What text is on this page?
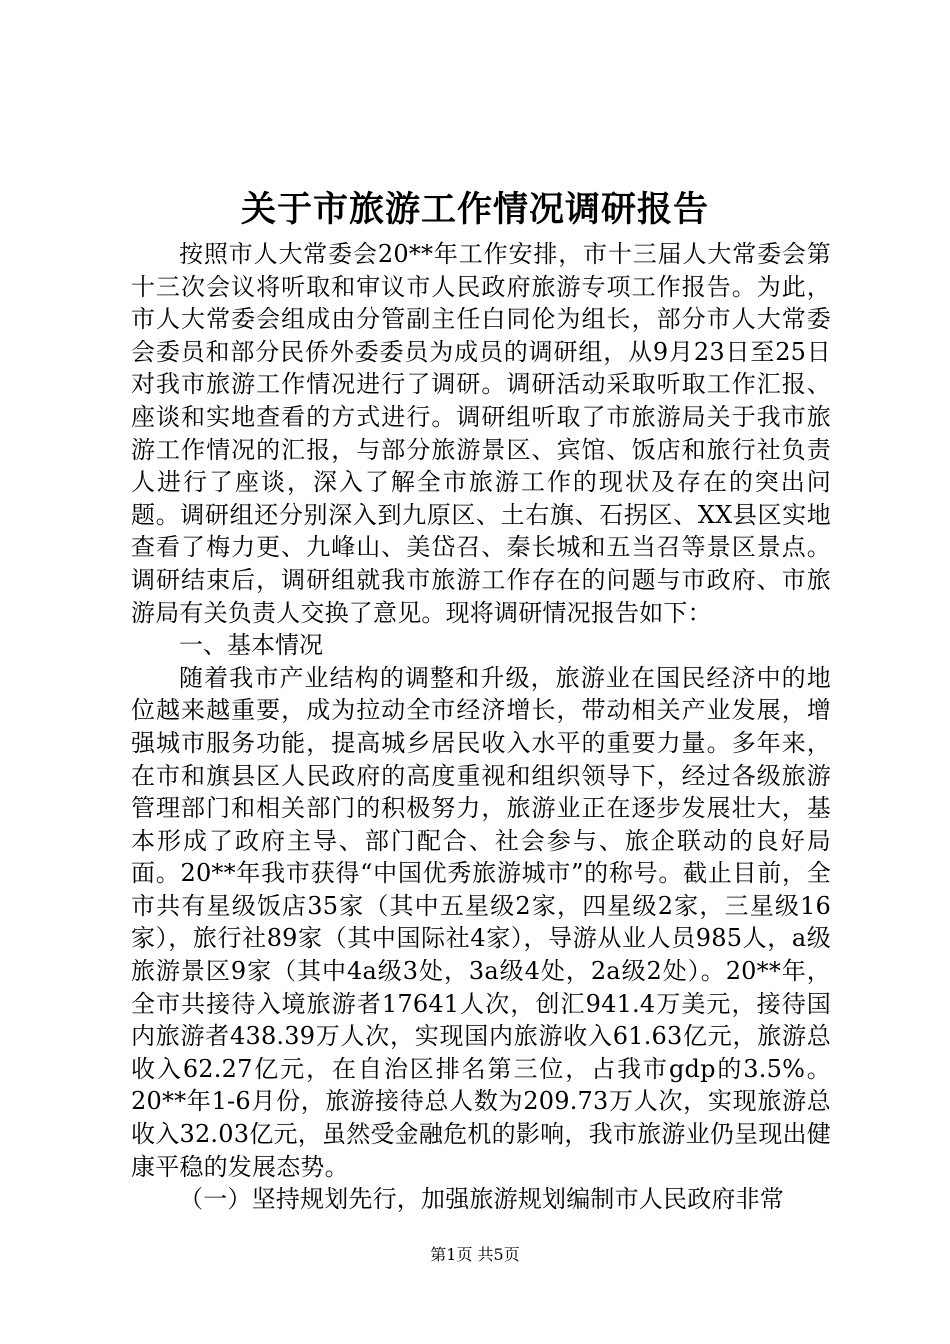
关于市旅游工作情况调研报告

按照市人大常委会20**年工作安排，市十三届人大常委会第十三次会议将听取和审议市人民政府旅游专项工作报告。为此，市人大常委会组成由分管副主任白同伦为组长，部分市人大常委会委员和部分民侨外委委员为成员的调研组，从9月23日至25日对我市旅游工作情况进行了调研。调研活动采取听取工作汇报、座谈和实地查看的方式进行。调研组听取了市旅游局关于我市旅游工作情况的汇报，与部分旅游景区、宾馆、饭店和旅行社负责人进行了座谈，深入了解全市旅游工作的现状及存在的突出问题。调研组还分别深入到九原区、土右旗、石拐区、XX县区实地查看了梅力更、九峰山、美岱召、秦长城和五当召等景区景点。调研结束后，调研组就我市旅游工作存在的问题与市政府、市旅游局有关负责人交换了意见。现将调研情况报告如下：

一、基本情况

随着我市产业结构的调整和升级，旅游业在国民经济中的地位越来越重要，成为拉动全市经济增长，带动相关产业发展，增强城市服务功能，提高城乡居民收入水平的重要力量。多年来，在市和旗县区人民政府的高度重视和组织领导下，经过各级旅游管理部门和相关部门的积极努力，旅游业正在逐步发展壮大，基本形成了政府主导、部门配合、社会参与、旅企联动的良好局面。20**年我市获得“中国优秀旅游城市”的称号。截止目前，全市共有星级饭店35家（其中五星级2家，四星级2家，三星级16家），旅行社89家（其中国际社4家），导游从业人员985人，a级旅游景区9家（其中4a级3处，3a级4处，2a级2处）。20**年，全市共接待入境旅游者17641人次，创汇941.4万美元，接待国内旅游者438.39万人次，实现国内旅游收入61.63亿元，旅游总收入62.27亿元，在自治区排名第三位，占我市gdp的3.5%。20**年1-6月份，旅游接待总人数为209.73万人次，实现旅游总收入32.03亿元，虽然受金融危机的影响，我市旅游业仍呈现出健康平稳的发展态势。

（一）坚持规划先行，加强旅游规划编制市人民政府非常

第1页 共5页
